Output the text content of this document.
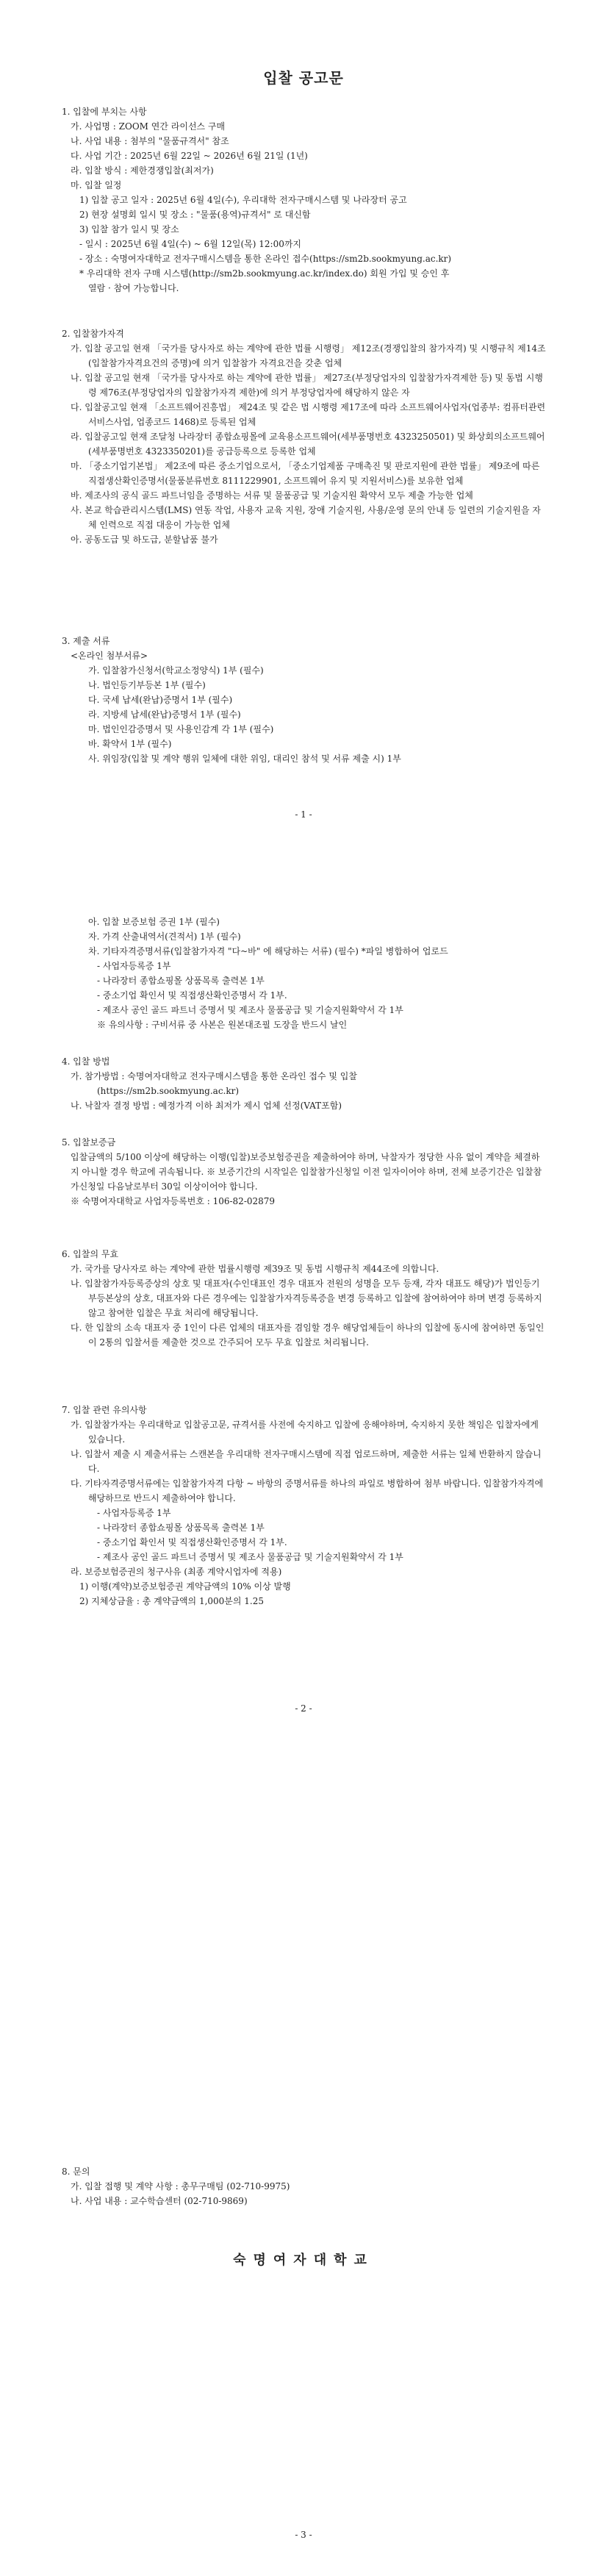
입찰 공고문

1. 입찰에 부치는 사항

가. 사업명 : ZOOM 연간 라이선스 구매

나. 사업 내용 : 첨부의 "물품규격서" 참조

다. 사업 기간 : 2025년 6월 22일 ~ 2026년 6월 21일 (1년)

라. 입찰 방식 : 제한경쟁입찰(최저가)

마. 입찰 일정

1) 입찰 공고 일자 : 2025년 6월 4일(수), 우리대학 전자구매시스템 및 나라장터 공고

2) 현장 설명회 일시 및 장소 : "물품(용역)규격서" 로 대신함

3) 입찰 참가 일시 및 장소

- 일시 : 2025년 6월 4일(수) ~ 6월 12일(목) 12:00까지

- 장소 : 숙명여자대학교 전자구매시스템을 통한 온라인 접수(https://sm2b.sookmyung.ac.kr)

* 우리대학 전자 구매 시스템(http://sm2b.sookmyung.ac.kr/index.do) 회원 가입 및 승인 후

열람 · 참여 가능합니다.

2. 입찰참가자격

가. 입찰 공고일 현재 「국가를 당사자로 하는 계약에 관한 법률 시행령」 제12조(경쟁입찰의 참가자격) 및 시행규칙 제14조(입찰참가자격요건의 증명)에 의거 입찰참가 자격요건을 갖춘 업체

나. 입찰 공고일 현재 「국가를 당사자로 하는 계약에 관한 법률」 제27조(부정당업자의 입찰참가자격제한 등) 및 동법 시행령 제76조(부정당업자의 입찰참가자격 제한)에 의거 부정당업자에 해당하지 않은 자

다. 입찰공고일 현재 「소프트웨어진흥법」 제24조 및 같은 법 시행령 제17조에 따라 소프트웨어사업자(업종부: 컴퓨터관련서비스사업, 업종코드 1468)로 등록된 업체

라. 입찰공고일 현재 조달청 나라장터 종합쇼핑몰에 교육용소프트웨어(세부품명번호 4323250501) 및 화상회의소프트웨어(세부품명번호 4323350201)를 공급등록으로 등록한 업체

마. 「중소기업기본법」 제2조에 따른 중소기업으로서, 「중소기업제품 구매촉진 및 판로지원에 관한 법률」 제9조에 따른 직접생산확인증명서(물품분류번호 8111229901, 소프트웨어 유지 및 지원서비스)를 보유한 업체

바. 제조사의 공식 골드 파트너임을 증명하는 서류 및 물품공급 및 기술지원 확약서 모두 제출 가능한 업체

사. 본교 학습관리시스템(LMS) 연동 작업, 사용자 교육 지원, 장애 기술지원, 사용/운영 문의 안내 등 일련의 기술지원을 자체 인력으로 직접 대응이 가능한 업체

아. 공동도급 및 하도급, 분할납품 불가

3. 제출 서류

<온라인 첨부서류>

가. 입찰참가신청서(학교소정양식) 1부 (필수)

나. 법인등기부등본 1부 (필수)

다. 국세 납세(완납)증명서 1부 (필수)

라. 지방세 납세(완납)증명서 1부 (필수)

마. 법인인감증명서 및 사용인감계 각 1부 (필수)

바. 확약서 1부 (필수)

사. 위임장(입찰 및 계약 행위 일체에 대한 위임, 대리인 참석 및 서류 제출 시) 1부

- 1 -

아. 입찰 보증보험 증권 1부 (필수)

자. 가격 산출내역서(견적서) 1부 (필수)

차. 기타자격증명서류(입찰참가자격 "다~바" 에 해당하는 서류) (필수) *파일 병합하여 업로드

- 사업자등록증 1부

- 나라장터 종합쇼핑몰 상품목록 출력본 1부

- 중소기업 확인서 및 직접생산확인증명서 각 1부.

- 제조사 공인 골드 파트너 증명서 및 제조사 물품공급 및 기술지원확약서 각 1부

※ 유의사항 : 구비서류 중 사본은 원본대조필 도장을 반드시 날인

4. 입찰 방법

가. 참가방법 : 숙명여자대학교 전자구매시스템을 통한 온라인 접수 및 입찰

(https://sm2b.sookmyung.ac.kr)

나. 낙찰자 결정 방법 : 예정가격 이하 최저가 제시 업체 선정(VAT포함)

5. 입찰보증금

입찰금액의 5/100 이상에 해당하는 이행(입찰)보증보험증권을 제출하여야 하며, 낙찰자가 정당한 사유 없이 계약을 체결하지 아니할 경우 학교에 귀속됩니다. ※ 보증기간의 시작일은 입찰참가신청일 이전 일자이어야 하며, 전체 보증기간은 입찰참가신청일 다음날로부터 30일 이상이어야 합니다.

※ 숙명여자대학교 사업자등록번호 : 106-82-02879

6. 입찰의 무효

가. 국가를 당사자로 하는 계약에 관한 법률시행령 제39조 및 동법 시행규칙 제44조에 의합니다.

나. 입찰참가자등록증상의 상호 및 대표자(수인대표인 경우 대표자 전원의 성명을 모두 등재, 각자 대표도 해당)가 법인등기부등본상의 상호, 대표자와 다른 경우에는 입찰참가자격등록증을 변경 등록하고 입찰에 참여하여야 하며 변경 등록하지 않고 참여한 입찰은 무효 처리에 해당됩니다.

다. 한 입찰의 소속 대표자 중 1인이 다른 업체의 대표자를 겸임할 경우 해당업체들이 하나의 입찰에 동시에 참여하면 동일인이 2통의 입찰서를 제출한 것으로 간주되어 모두 무효 입찰로 처리됩니다.

7. 입찰 관련 유의사항

가. 입찰참가자는 우리대학교 입찰공고문, 규격서를 사전에 숙지하고 입찰에 응해야하며, 숙지하지 못한 책임은 입찰자에게 있습니다.

나. 입찰서 제출 시 제출서류는 스캔본을 우리대학 전자구매시스템에 직접 업로드하며, 제출한 서류는 일체 반환하지 않습니다.

다. 기타자격증명서류에는 입찰참가자격 다항 ~ 바항의 증명서류를 하나의 파일로 병합하여 첨부 바랍니다. 입찰참가자격에 해당하므로 반드시 제출하여야 합니다.

- 사업자등록증 1부

- 나라장터 종합쇼핑몰 상품목록 출력본 1부

- 중소기업 확인서 및 직접생산확인증명서 각 1부.

- 제조사 공인 골드 파트너 증명서 및 제조사 물품공급 및 기술지원확약서 각 1부

라. 보증보험증권의 청구사유 (최종 계약시업자에 적용)

1) 이행(계약)보증보험증권 계약금액의 10% 이상 발행

2) 지체상금율 : 총 계약금액의 1,000분의 1.25

- 2 -

8. 문의

가. 입찰 접행 및 계약 사항 : 총무구매팀 (02-710-9975)

나. 사업 내용 : 교수학습센터 (02-710-9869)

숙명여자대학교
- 3 -
